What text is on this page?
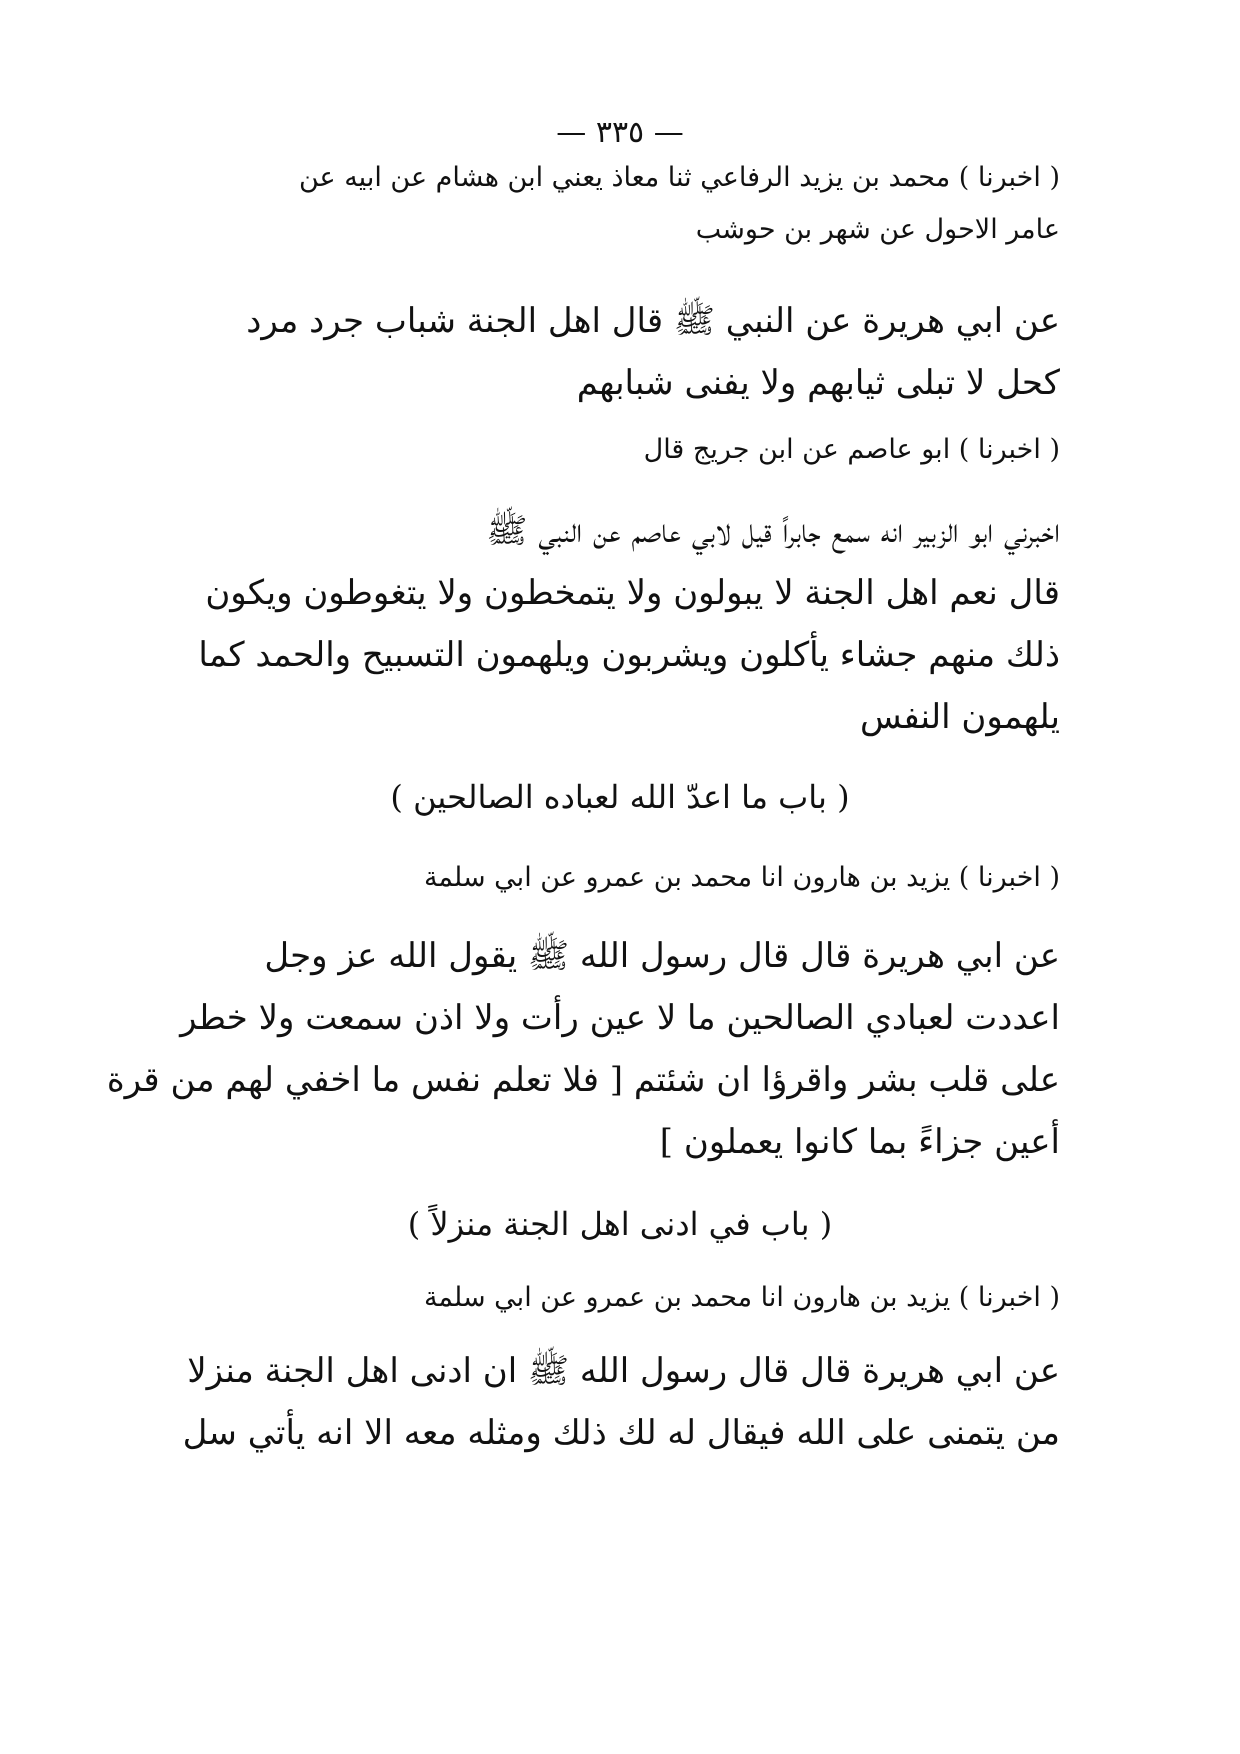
— ٣٣٥ —
( اخبرنا ) محمد بن يزيد الرفاعي ثنا معاذ يعني ابن هشام عن ابيه عن
عامر الاحول عن شهر بن حوشب
عن ابي هريرة عن النبي ﷺ قال اهل الجنة شباب جرد مرد
كحل لا تبلى ثيابهم ولا يفنى شبابهم
( اخبرنا ) ابو عاصم عن ابن جريج قال
اخبرني ابو الزبير انه سمع جابراً قيل لابي عاصم عن النبي ﷺ
قال نعم اهل الجنة لا يبولون ولا يتمخطون ولا يتغوطون ويكون
ذلك منهم جشاء يأكلون ويشربون ويلهمون التسبيح والحمد كما
يلهمون النفس
( باب ما اعدّ الله لعباده الصالحين )
( اخبرنا ) يزيد بن هارون انا محمد بن عمرو عن ابي سلمة
عن ابي هريرة قال قال رسول الله ﷺ يقول الله عز وجل
اعددت لعبادي الصالحين ما لا عين رأت ولا اذن سمعت ولا خطر
على قلب بشر واقرؤا ان شئتم [ فلا تعلم نفس ما اخفي لهم من قرة
أعين جزاءً بما كانوا يعملون ]
( باب في ادنى اهل الجنة منزلاً )
( اخبرنا ) يزيد بن هارون انا محمد بن عمرو عن ابي سلمة
عن ابي هريرة قال قال رسول الله ﷺ ان ادنى اهل الجنة منزلا
من يتمنى على الله فيقال له لك ذلك ومثله معه الا انه يأتي سل
